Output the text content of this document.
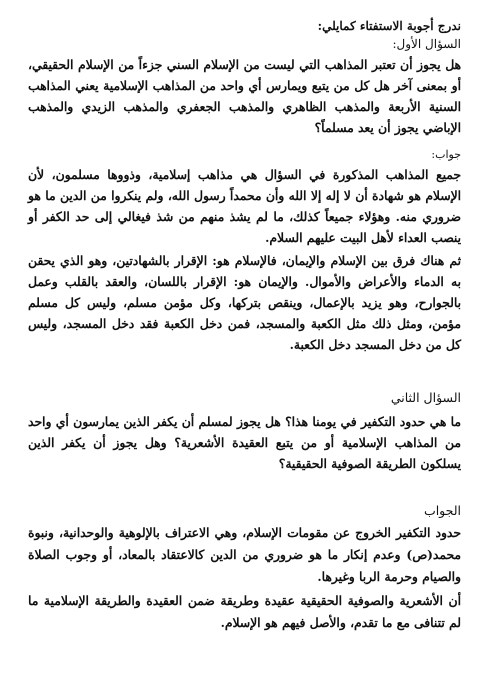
ندرج أجوبة الاستفتاء كمايلي:

السؤال الأول:

هل يجوز أن تعتبر المذاهب التي ليست من الإسلام السني جزءاً من الإسلام الحقيقي، أو بمعنى آخر هل كل من يتبع ويمارس أي واحد من المذاهب الإسلامية يعني المذاهب السنية الأربعة والمذهب الظاهري والمذهب الجعفري والمذهب الزيدي والمذهب الإباضي يجوز أن يعد مسلماً؟

جواب:

جميع المذاهب المذكورة في السؤال هي مذاهب إسلامية، وذووها مسلمون، لأن الإسلام هو شهادة أن لا إله إلا الله وأن محمداً رسول الله، ولم ينكروا من الدين ما هو ضروري منه. وهؤلاء جميعاً كذلك، ما لم يشذ منهم من شذ فيغالي إلى حد الكفر أو ينصب العداء لأهل البيت عليهم السلام.

ثم هناك فرق بين الإسلام والإيمان، فالإسلام هو: الإقرار بالشهادتين، وهو الذي يحقن به الدماء والأعراض والأموال. والإيمان هو: الإقرار باللسان، والعقد بالقلب وعمل بالجوارح، وهو يزيد بالإعمال، وينقص بتركها، وكل مؤمن مسلم، وليس كل مسلم مؤمن، ومثل ذلك مثل الكعبة والمسجد، فمن دخل الكعبة فقد دخل المسجد، وليس كل من دخل المسجد دخل الكعبة.

السؤال الثاني

ما هي حدود التكفير في يومنا هذا؟ هل يجوز لمسلم أن يكفر الذين يمارسون أي واحد من المذاهب الإسلامية أو من يتبع العقيدة الأشعرية؟ وهل يجوز أن يكفر الذين يسلكون الطريقة الصوفية الحقيقية؟

الجواب

حدود التكفير الخروج عن مقومات الإسلام، وهي الاعتراف بالإلوهية والوحدانية، ونبوة محمد(ص) وعدم إنكار ما هو ضروري من الدين كالاعتقاد بالمعاد، أو وجوب الصلاة والصيام وحرمة الربا وغيرها.

أن الأشعرية والصوفية الحقيقية عقيدة وطريقة ضمن العقيدة والطريقة الإسلامية ما لم تتنافى مع ما تقدم، والأصل فيهم هو الإسلام.
